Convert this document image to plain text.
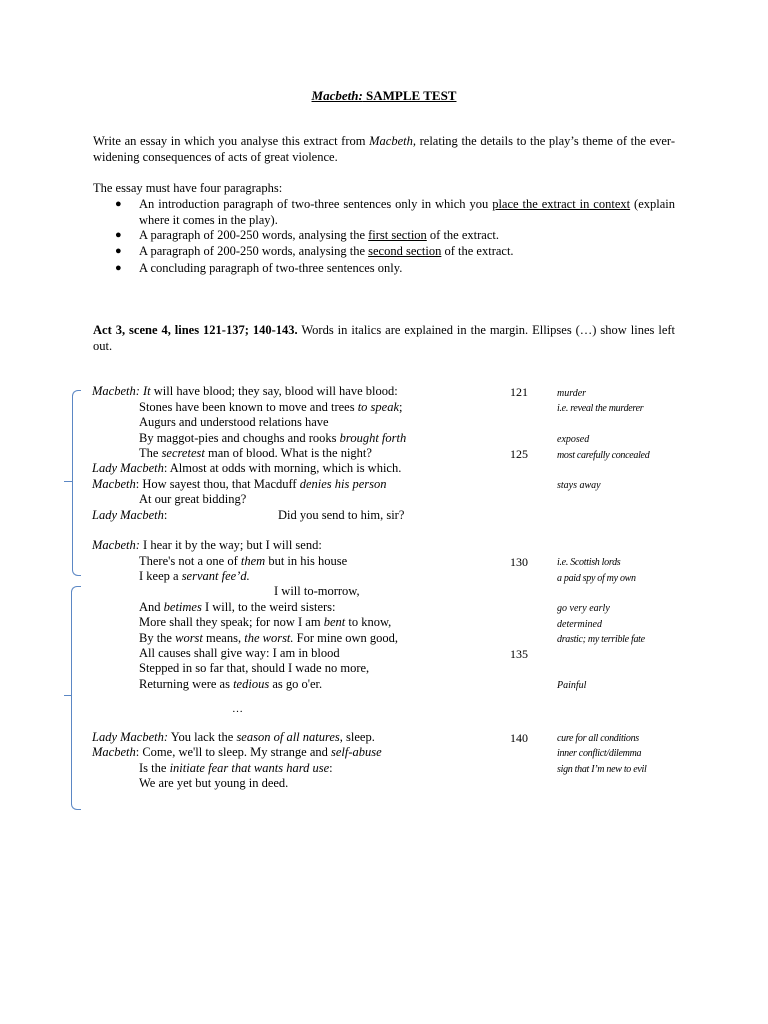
Macbeth: SAMPLE TEST
Write an essay in which you analyse this extract from Macbeth, relating the details to the play’s theme of the ever-widening consequences of acts of great violence.
The essay must have four paragraphs:
● An introduction paragraph of two-three sentences only in which you place the extract in context (explain where it comes in the play).
● A paragraph of 200-250 words, analysing the first section of the extract.
● A paragraph of 200-250 words, analysing the second section of the extract.
● A concluding paragraph of two-three sentences only.
Act 3, scene 4, lines 121-137; 140-143. Words in italics are explained in the margin. Ellipses (…) show lines left out.
Macbeth: It will have blood; they say, blood will have blood:
Stones have been known to move and trees to speak;
Augurs and understood relations have
By maggot-pies and choughs and rooks brought forth
The secretest man of blood. What is the night?
Lady Macbeth: Almost at odds with morning, which is which.
Macbeth: How sayest thou, that Macduff denies his person
At our great bidding?
Lady Macbeth:	Did you send to him, sir?
Macbeth: I hear it by the way; but I will send:
There's not a one of them but in his house
I keep a servant fee’d.
I will to-morrow,
And betimes I will, to the weird sisters:
More shall they speak; for now I am bent to know,
By the worst means, the worst. For mine own good,
All causes shall give way: I am in blood
Stepped in so far that, should I wade no more,
Returning were as tedious as go o'er.
…
Lady Macbeth: You lack the season of all natures, sleep.
Macbeth: Come, we'll to sleep. My strange and self-abuse
Is the initiate fear that wants hard use:
We are yet but young in deed.
121
125
130
135
140
murder
i.e. reveal the murderer
exposed
most carefully concealed
stays away
i.e. Scottish lords
a paid spy of my own
go very early
determined
drastic; my terrible fate
Painful
cure for all conditions
inner conflict/dilemma
sign that I’m new to evil
